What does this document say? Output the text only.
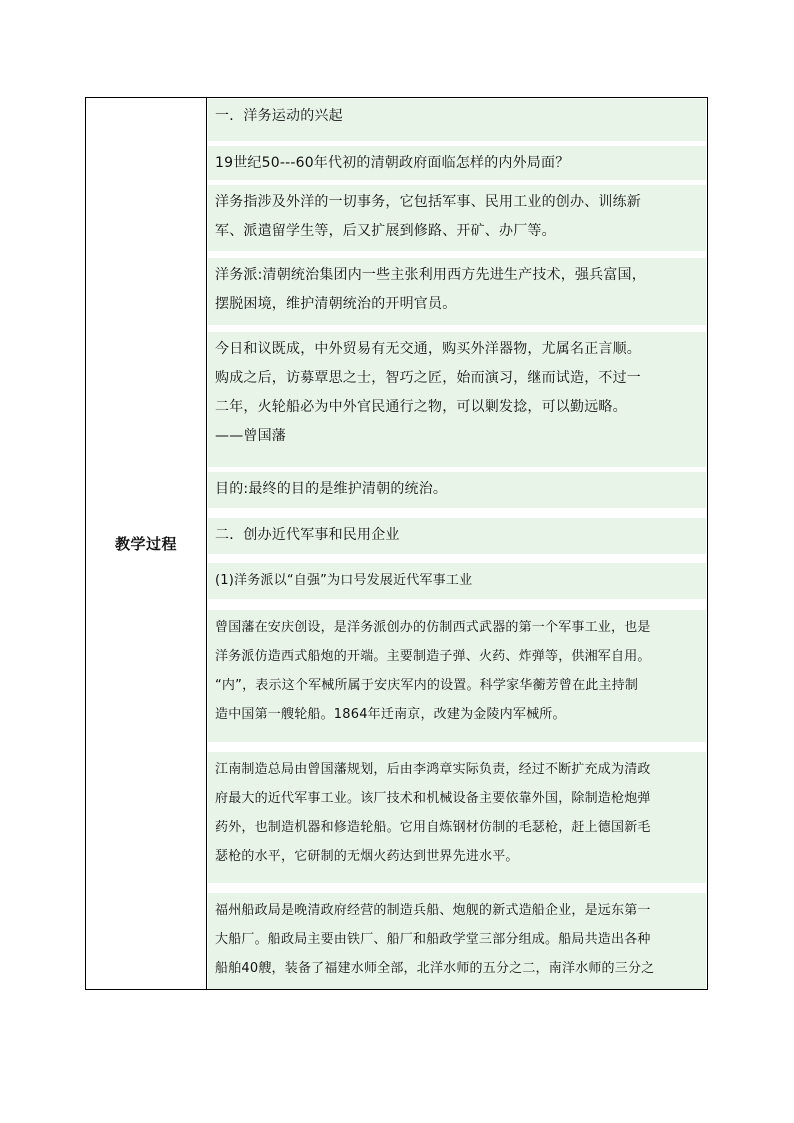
教学过程
一．洋务运动的兴起
19世纪50---60年代初的清朝政府面临怎样的内外局面？
洋务指涉及外洋的一切事务，它包括军事、民用工业的创办、训练新
军、派遣留学生等，后又扩展到修路、开矿、办厂等。
洋务派:清朝统治集团内一些主张利用西方先进生产技术，强兵富国，
摆脱困境，维护清朝统治的开明官员。
今日和议既成，中外贸易有无交通，购买外洋器物，尤属名正言顺。
购成之后，访募覃思之士，智巧之匠，始而演习，继而试造，不过一
二年，火轮船必为中外官民通行之物，可以剿发捻，可以勤远略。
——曾国藩
目的:最终的目的是维护清朝的统治。
二．创办近代军事和民用企业
(1)洋务派以“自强”为口号发展近代军事工业
曾国藩在安庆创设，是洋务派创办的仿制西式武器的第一个军事工业，也是
洋务派仿造西式船炮的开端。主要制造子弹、火药、炸弹等，供湘军自用。
“内”，表示这个军械所属于安庆军内的设置。科学家华蘅芳曾在此主持制
造中国第一艘轮船。1864年迁南京，改建为金陵内军械所。
江南制造总局由曾国藩规划，后由李鸿章实际负责，经过不断扩充成为清政
府最大的近代军事工业。该厂技术和机械设备主要依靠外国，除制造枪炮弹
药外，也制造机器和修造轮船。它用自炼钢材仿制的毛瑟枪，赶上德国新毛
瑟枪的水平，它研制的无烟火药达到世界先进水平。
福州船政局是晚清政府经营的制造兵船、炮舰的新式造船企业，是远东第一
大船厂。船政局主要由铁厂、船厂和船政学堂三部分组成。船局共造出各种
船舶40艘，装备了福建水师全部，北洋水师的五分之二，南洋水师的三分之
